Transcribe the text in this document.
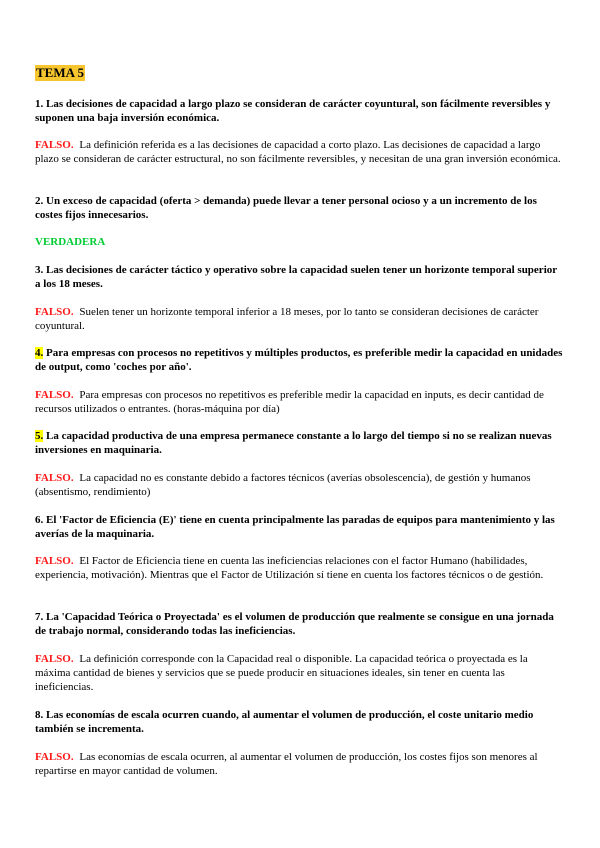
TEMA 5

1. Las decisiones de capacidad a largo plazo se consideran de carácter coyuntural, son fácilmente reversibles y suponen una baja inversión económica.

FALSO. La definición referida es a las decisiones de capacidad a corto plazo. Las decisiones de capacidad a largo plazo se consideran de carácter estructural, no son fácilmente reversibles, y necesitan de una gran inversión económica.

2. Un exceso de capacidad (oferta > demanda) puede llevar a tener personal ocioso y a un incremento de los costes fijos innecesarios.

VERDADERA

3. Las decisiones de carácter táctico y operativo sobre la capacidad suelen tener un horizonte temporal superior a los 18 meses.

FALSO. Suelen tener un horizonte temporal inferior a 18 meses, por lo tanto se consideran decisiones de carácter coyuntural.

4. Para empresas con procesos no repetitivos y múltiples productos, es preferible medir la capacidad en unidades de output, como 'coches por año'.

FALSO. Para empresas con procesos no repetitivos es preferible medir la capacidad en inputs, es decir cantidad de recursos utilizados o entrantes. (horas-máquina por día)

5. La capacidad productiva de una empresa permanece constante a lo largo del tiempo si no se realizan nuevas inversiones en maquinaria.

FALSO. La capacidad no es constante debido a factores técnicos (averías obsolescencia), de gestión y humanos (absentismo, rendimiento)

6. El 'Factor de Eficiencia (E)' tiene en cuenta principalmente las paradas de equipos para mantenimiento y las averías de la maquinaria.

FALSO. El Factor de Eficiencia tiene en cuenta las ineficiencias relaciones con el factor Humano (habilidades, experiencia, motivación). Mientras que el Factor de Utilización sí tiene en cuenta los factores técnicos o de gestión.

7. La 'Capacidad Teórica o Proyectada' es el volumen de producción que realmente se consigue en una jornada de trabajo normal, considerando todas las ineficiencias.

FALSO. La definición corresponde con la Capacidad real o disponible. La capacidad teórica o proyectada es la máxima cantidad de bienes y servicios que se puede producir en situaciones ideales, sin tener en cuenta las ineficiencias.

8. Las economías de escala ocurren cuando, al aumentar el volumen de producción, el coste unitario medio también se incrementa.

FALSO. Las economías de escala ocurren, al aumentar el volumen de producción, los costes fijos son menores al repartirse en mayor cantidad de volumen.
